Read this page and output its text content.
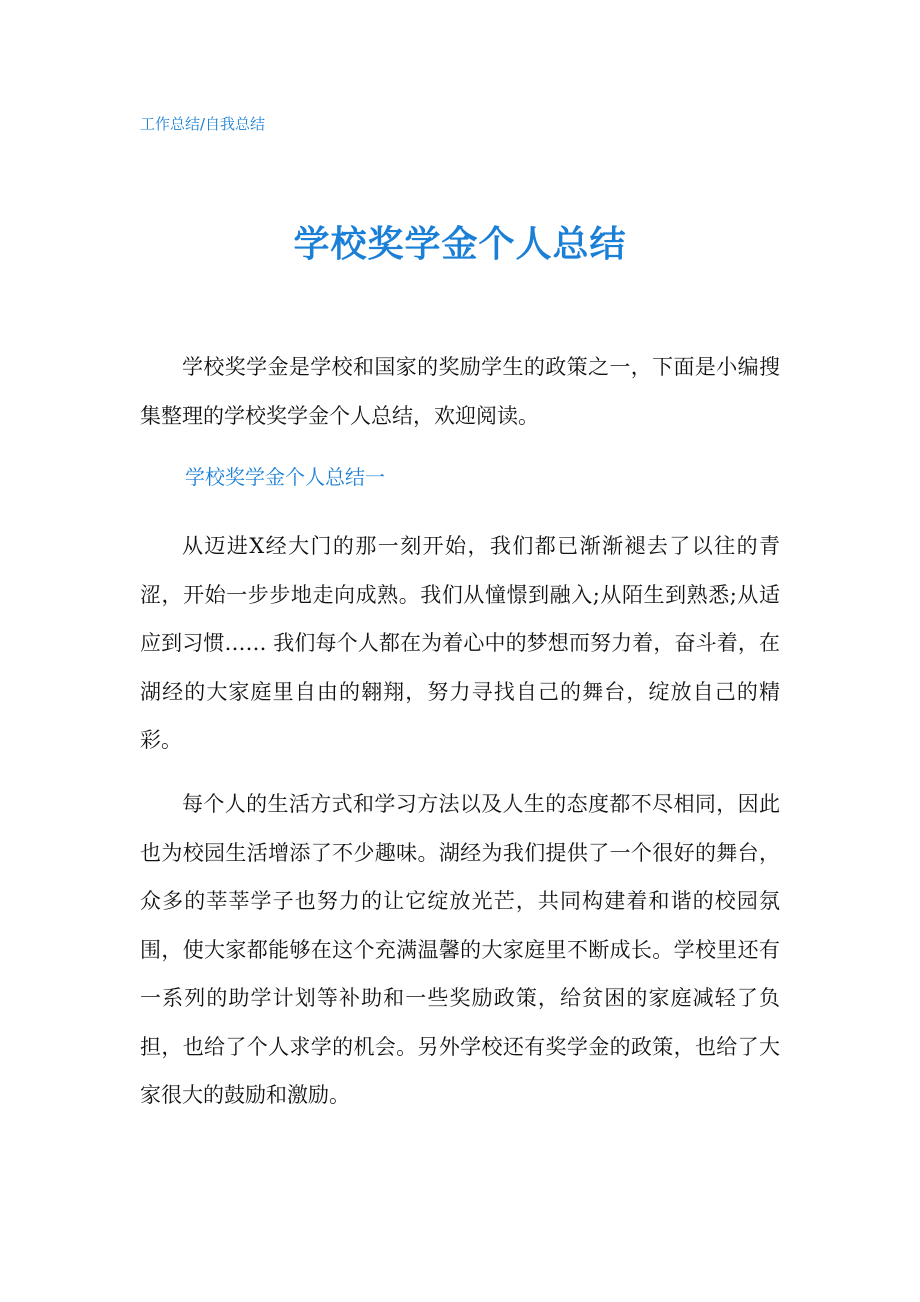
工作总结/自我总结
学校奖学金个人总结

学校奖学金是学校和国家的奖励学生的政策之一，下面是小编搜集整理的学校奖学金个人总结，欢迎阅读。

学校奖学金个人总结一

从迈进X经大门的那一刻开始，我们都已渐渐褪去了以往的青涩，开始一步步地走向成熟。我们从憧憬到融入;从陌生到熟悉;从适应到习惯…… 我们每个人都在为着心中的梦想而努力着，奋斗着，在湖经的大家庭里自由的翱翔，努力寻找自己的舞台，绽放自己的精彩。

每个人的生活方式和学习方法以及人生的态度都不尽相同，因此也为校园生活增添了不少趣味。湖经为我们提供了一个很好的舞台，众多的莘莘学子也努力的让它绽放光芒，共同构建着和谐的校园氛围，使大家都能够在这个充满温馨的大家庭里不断成长。学校里还有一系列的助学计划等补助和一些奖励政策，给贫困的家庭减轻了负担，也给了个人求学的机会。另外学校还有奖学金的政策，也给了大家很大的鼓励和激励。
